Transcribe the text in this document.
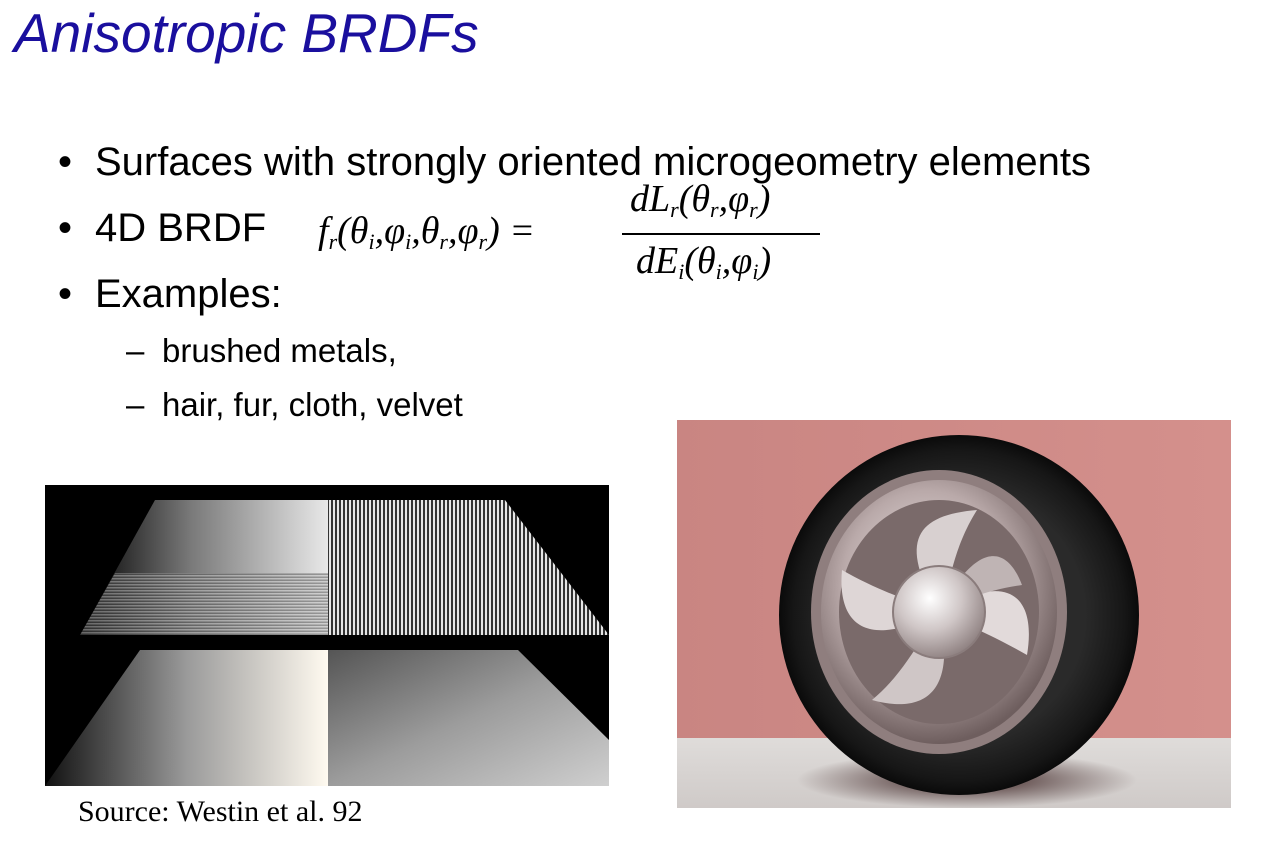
Anisotropic BRDFs
• Surfaces with strongly oriented microgeometry elements
• 4D BRDF
• Examples:
– brushed metals,
– hair, fur, cloth, velvet
$f_r(\theta_i,\varphi_i,\theta_r,\varphi_r)$ =
$dL_r(\theta_r,\varphi_r)$
$dE_i(\theta_i,\varphi_i)$
Source: Westin et al. 92
